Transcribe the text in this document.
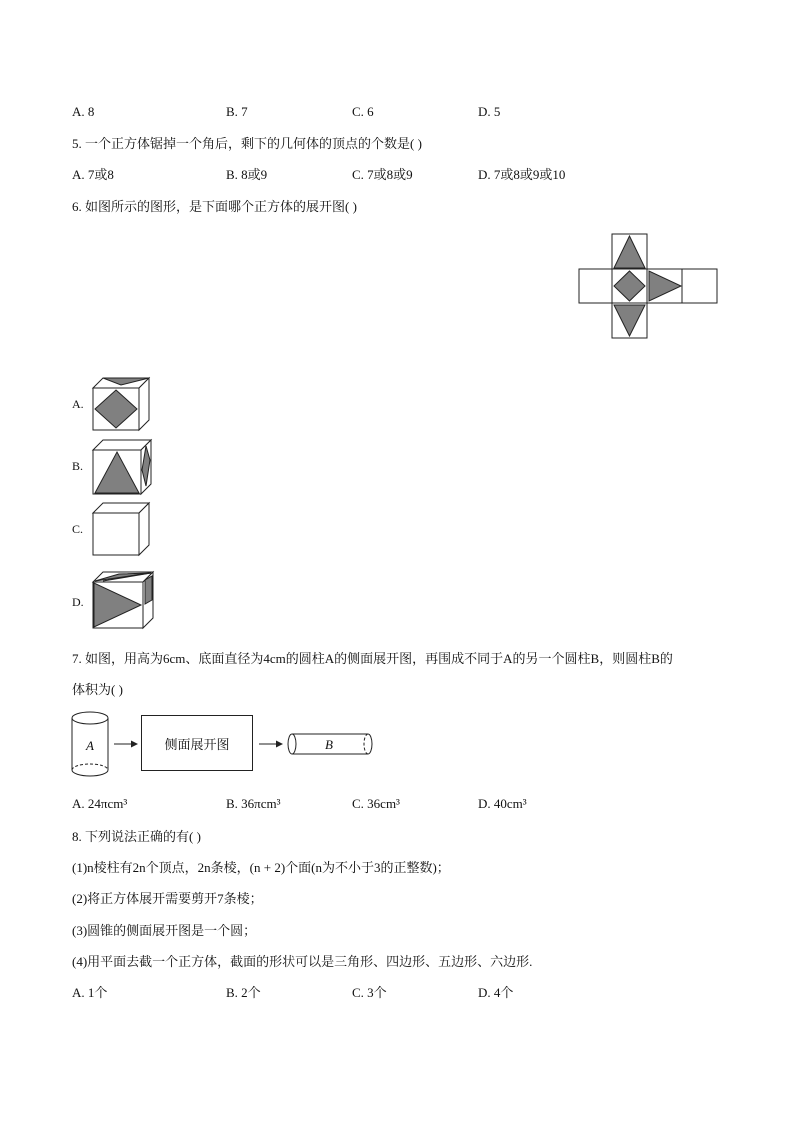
A. 8	B. 7	C. 6	D. 5
5. 一个正方体锯掉一个角后，剩下的几何体的顶点的个数是( )
A. 7或8	B. 8或9	C. 7或8或9	D. 7或8或9或10
6. 如图所示的图形，是下面哪个正方体的展开图( )
A.
B.
C.
D.
7. 如图，用高为6cm、底面直径为4cm的圆柱A的侧面展开图，再围成不同于A的另一个圆柱B，则圆柱B的
体积为( )
A	侧面展开图	B
A. 24πcm³	B. 36πcm³	C. 36cm³	D. 40cm³
8. 下列说法正确的有( )
(1)n棱柱有2n个顶点，2n条棱，(n + 2)个面(n为不小于3的正整数)；
(2)将正方体展开需要剪开7条棱；
(3)圆锥的侧面展开图是一个圆；
(4)用平面去截一个正方体，截面的形状可以是三角形、四边形、五边形、六边形.
A. 1个	B. 2个	C. 3个	D. 4个
